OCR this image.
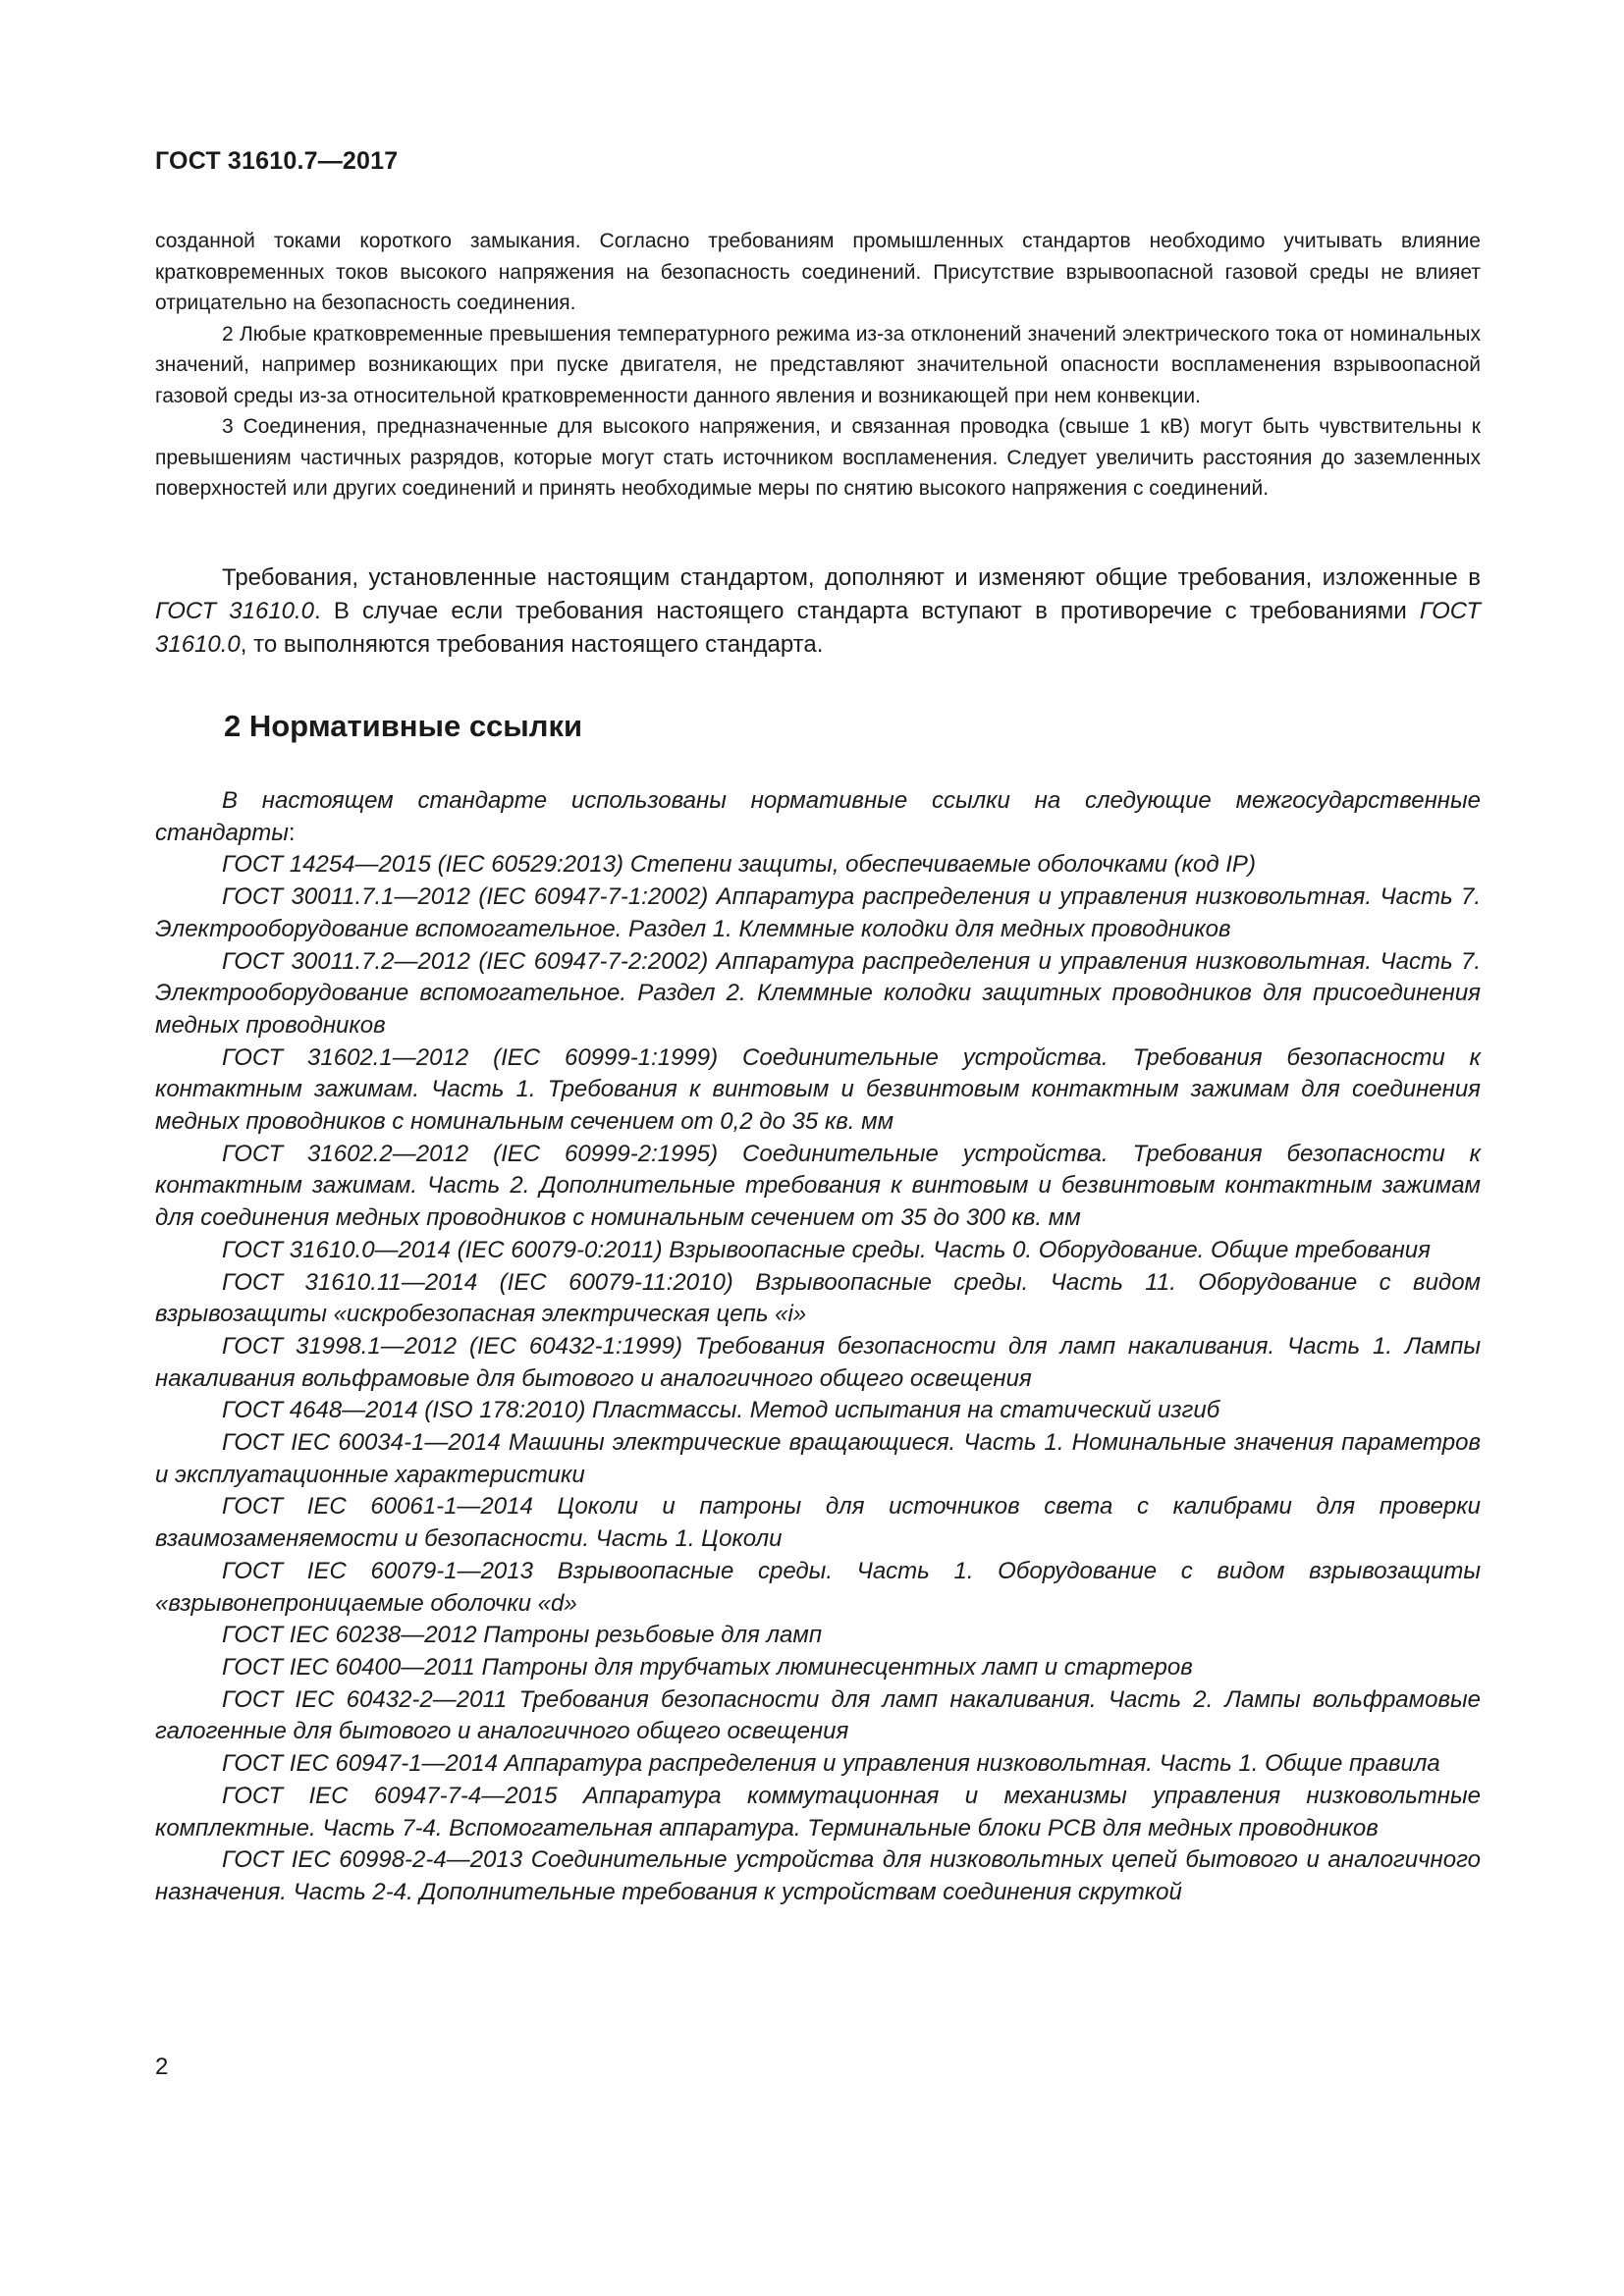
ГОСТ 31610.7—2017

созданной токами короткого замыкания. Согласно требованиям промышленных стандартов необходимо учитывать влияние кратковременных токов высокого напряжения на безопасность соединений. Присутствие взрывоопасной газовой среды не влияет отрицательно на безопасность соединения.

2 Любые кратковременные превышения температурного режима из-за отклонений значений электрического тока от номинальных значений, например возникающих при пуске двигателя, не представляют значительной опасности воспламенения взрывоопасной газовой среды из-за относительной кратковременности данного явления и возникающей при нем конвекции.

3 Соединения, предназначенные для высокого напряжения, и связанная проводка (свыше 1 кВ) могут быть чувствительны к превышениям частичных разрядов, которые могут стать источником воспламенения. Следует увеличить расстояния до заземленных поверхностей или других соединений и принять необходимые меры по снятию высокого напряжения с соединений.

Требования, установленные настоящим стандартом, дополняют и изменяют общие требования, изложенные в ГОСТ 31610.0. В случае если требования настоящего стандарта вступают в противоречие с требованиями ГОСТ 31610.0, то выполняются требования настоящего стандарта.

2 Нормативные ссылки

В настоящем стандарте использованы нормативные ссылки на следующие межгосударственные стандарты:

ГОСТ 14254—2015 (IEC 60529:2013) Степени защиты, обеспечиваемые оболочками (код IP)

ГОСТ 30011.7.1—2012 (IEC 60947-7-1:2002) Аппаратура распределения и управления низковольтная. Часть 7. Электрооборудование вспомогательное. Раздел 1. Клеммные колодки для медных проводников

ГОСТ 30011.7.2—2012 (IEC 60947-7-2:2002) Аппаратура распределения и управления низковольтная. Часть 7. Электрооборудование вспомогательное. Раздел 2. Клеммные колодки защитных проводников для присоединения медных проводников

ГОСТ 31602.1—2012 (IEC 60999-1:1999) Соединительные устройства. Требования безопасности к контактным зажимам. Часть 1. Требования к винтовым и безвинтовым контактным зажимам для соединения медных проводников с номинальным сечением от 0,2 до 35 кв. мм

ГОСТ 31602.2—2012 (IEC 60999-2:1995) Соединительные устройства. Требования безопасности к контактным зажимам. Часть 2. Дополнительные требования к винтовым и безвинтовым контактным зажимам для соединения медных проводников с номинальным сечением от 35 до 300 кв. мм

ГОСТ 31610.0—2014 (IEC 60079-0:2011) Взрывоопасные среды. Часть 0. Оборудование. Общие требования

ГОСТ 31610.11—2014 (IEC 60079-11:2010) Взрывоопасные среды. Часть 11. Оборудование с видом взрывозащиты «искробезопасная электрическая цепь «i»

ГОСТ 31998.1—2012 (IEC 60432-1:1999) Требования безопасности для ламп накаливания. Часть 1. Лампы накаливания вольфрамовые для бытового и аналогичного общего освещения

ГОСТ 4648—2014 (ISO 178:2010) Пластмассы. Метод испытания на статический изгиб

ГОСТ IEC 60034-1—2014 Машины электрические вращающиеся. Часть 1. Номинальные значения параметров и эксплуатационные характеристики

ГОСТ IEC 60061-1—2014 Цоколи и патроны для источников света с калибрами для проверки взаимозаменяемости и безопасности. Часть 1. Цоколи

ГОСТ IEC 60079-1—2013 Взрывоопасные среды. Часть 1. Оборудование с видом взрывозащиты «взрывонепроницаемые оболочки «d»

ГОСТ IEC 60238—2012 Патроны резьбовые для ламп

ГОСТ IEC 60400—2011 Патроны для трубчатых люминесцентных ламп и стартеров

ГОСТ IEC 60432-2—2011 Требования безопасности для ламп накаливания. Часть 2. Лампы вольфрамовые галогенные для бытового и аналогичного общего освещения

ГОСТ IEC 60947-1—2014 Аппаратура распределения и управления низковольтная. Часть 1. Общие правила

ГОСТ IEC 60947-7-4—2015 Аппаратура коммутационная и механизмы управления низковольтные комплектные. Часть 7-4. Вспомогательная аппаратура. Терминальные блоки PCB для медных проводников

ГОСТ IEC 60998-2-4—2013 Соединительные устройства для низковольтных цепей бытового и аналогичного назначения. Часть 2-4. Дополнительные требования к устройствам соединения скруткой

2
